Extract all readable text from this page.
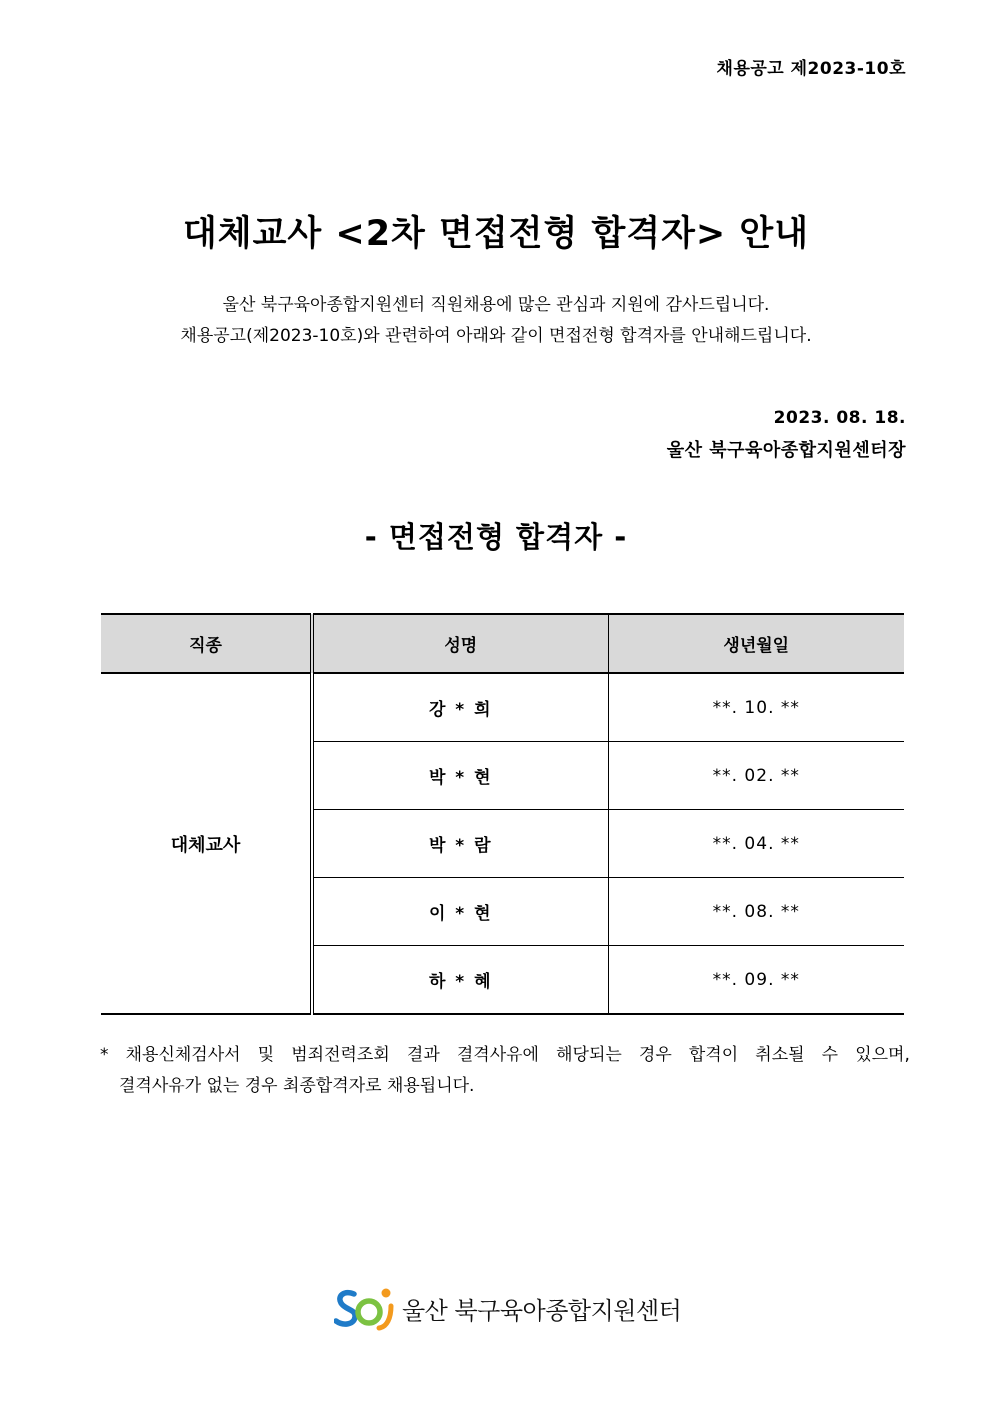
채용공고 제2023-10호
대체교사 <2차 면접전형 합격자> 안내
울산 북구육아종합지원센터 직원채용에 많은 관심과 지원에 감사드립니다.
채용공고(제2023-10호)와 관련하여 아래와 같이 면접전형 합격자를 안내해드립니다.
2023. 08. 18.
울산 북구육아종합지원센터장
- 면접전형 합격자 -
직종	성명	생년월일
대체교사	강 * 희	**. 10. **
	박 * 현	**. 02. **
	박 * 람	**. 04. **
	이 * 현	**. 08. **
	하 * 혜	**. 09. **
* 채용신체검사서 및 범죄전력조회 결과 결격사유에 해당되는 경우 합격이 취소될 수 있으며,
결격사유가 없는 경우 최종합격자로 채용됩니다.
울산 북구육아종합지원센터
